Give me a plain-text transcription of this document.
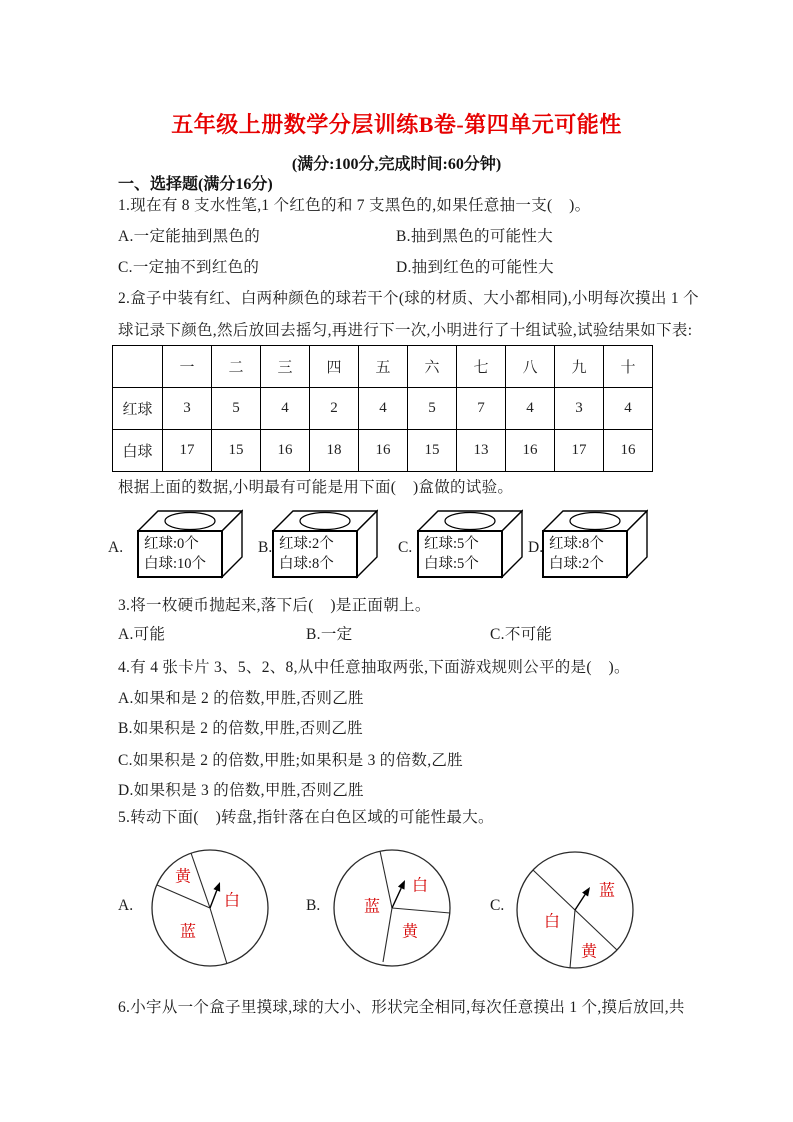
五年级上册数学分层训练B卷-第四单元可能性
(满分:100分,完成时间:60分钟)
一、选择题(满分16分)
1.现在有 8 支水性笔,1 个红色的和 7 支黑色的,如果任意抽一支(    )。
A.一定能抽到黑色的	B.抽到黑色的可能性大
C.一定抽不到红色的	D.抽到红色的可能性大
2.盒子中装有红、白两种颜色的球若干个(球的材质、大小都相同),小明每次摸出 1 个
球记录下颜色,然后放回去摇匀,再进行下一次,小明进行了十组试验,试验结果如下表:
	一	二	三	四	五	六	七	八	九	十
红球	3	5	4	2	4	5	7	4	3	4
白球	17	15	16	18	16	15	13	16	17	16
根据上面的数据,小明最有可能是用下面(    )盒做的试验。
A. 红球:0个
白球:10个
B. 红球:2个
白球:8个
C. 红球:5个
白球:5个
D. 红球:8个
白球:2个
3.将一枚硬币抛起来,落下后(    )是正面朝上。
A.可能	B.一定	C.不可能
4.有 4 张卡片 3、5、2、8,从中任意抽取两张,下面游戏规则公平的是(    )。
A.如果和是 2 的倍数,甲胜,否则乙胜
B.如果积是 2 的倍数,甲胜,否则乙胜
C.如果积是 2 的倍数,甲胜;如果积是 3 的倍数,乙胜
D.如果积是 3 的倍数,甲胜,否则乙胜
5.转动下面(    )转盘,指针落在白色区域的可能性最大。
A.
黄
白
蓝
B.	蓝
白
黄
C.
蓝
白
黄
6.小宇从一个盒子里摸球,球的大小、形状完全相同,每次任意摸出 1 个,摸后放回,共
